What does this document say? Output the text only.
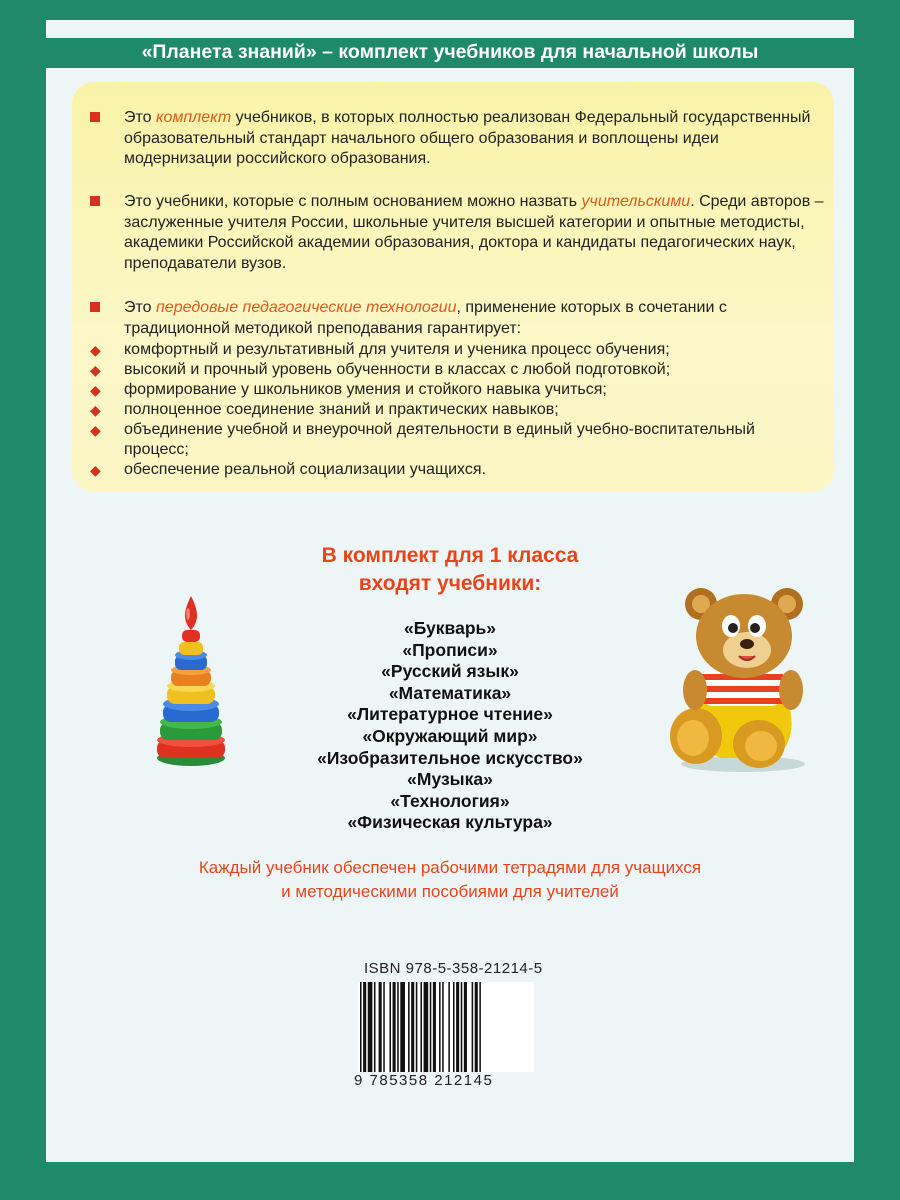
«Планета знаний» – комплект учебников для начальной школы
Это комплект учебников, в которых полностью реализован Федеральный государственный образовательный стандарт начального общего образования и воплощены идеи модернизации российского образования.
Это учебники, которые с полным основанием можно назвать учительскими. Среди авторов – заслуженные учителя России, школьные учителя высшей категории и опытные методисты, академики Российской академии образования, доктора и кандидаты педагогических наук, преподаватели вузов.
Это передовые педагогические технологии, применение которых в сочетании с традиционной методикой преподавания гарантирует:
◆ комфортный и результативный для учителя и ученика процесс обучения;
◆ высокий и прочный уровень обученности в классах с любой подготовкой;
◆ формирование у школьников умения и стойкого навыка учиться;
◆ полноценное соединение знаний и практических навыков;
◆ объединение учебной и внеурочной деятельности в единый учебно-воспитательный процесс;
◆ обеспечение реальной социализации учащихся.
В комплект для 1 класса
входят учебники:
«Букварь»
«Прописи»
«Русский язык»
«Математика»
«Литературное чтение»
«Окружающий мир»
«Изобразительное искусство»
«Музыка»
«Технология»
«Физическая культура»
Каждый учебник обеспечен рабочими тетрадями для учащихся
и методическими пособиями для учителей
ISBN 978-5-358-21214-5
9 785358 212145
